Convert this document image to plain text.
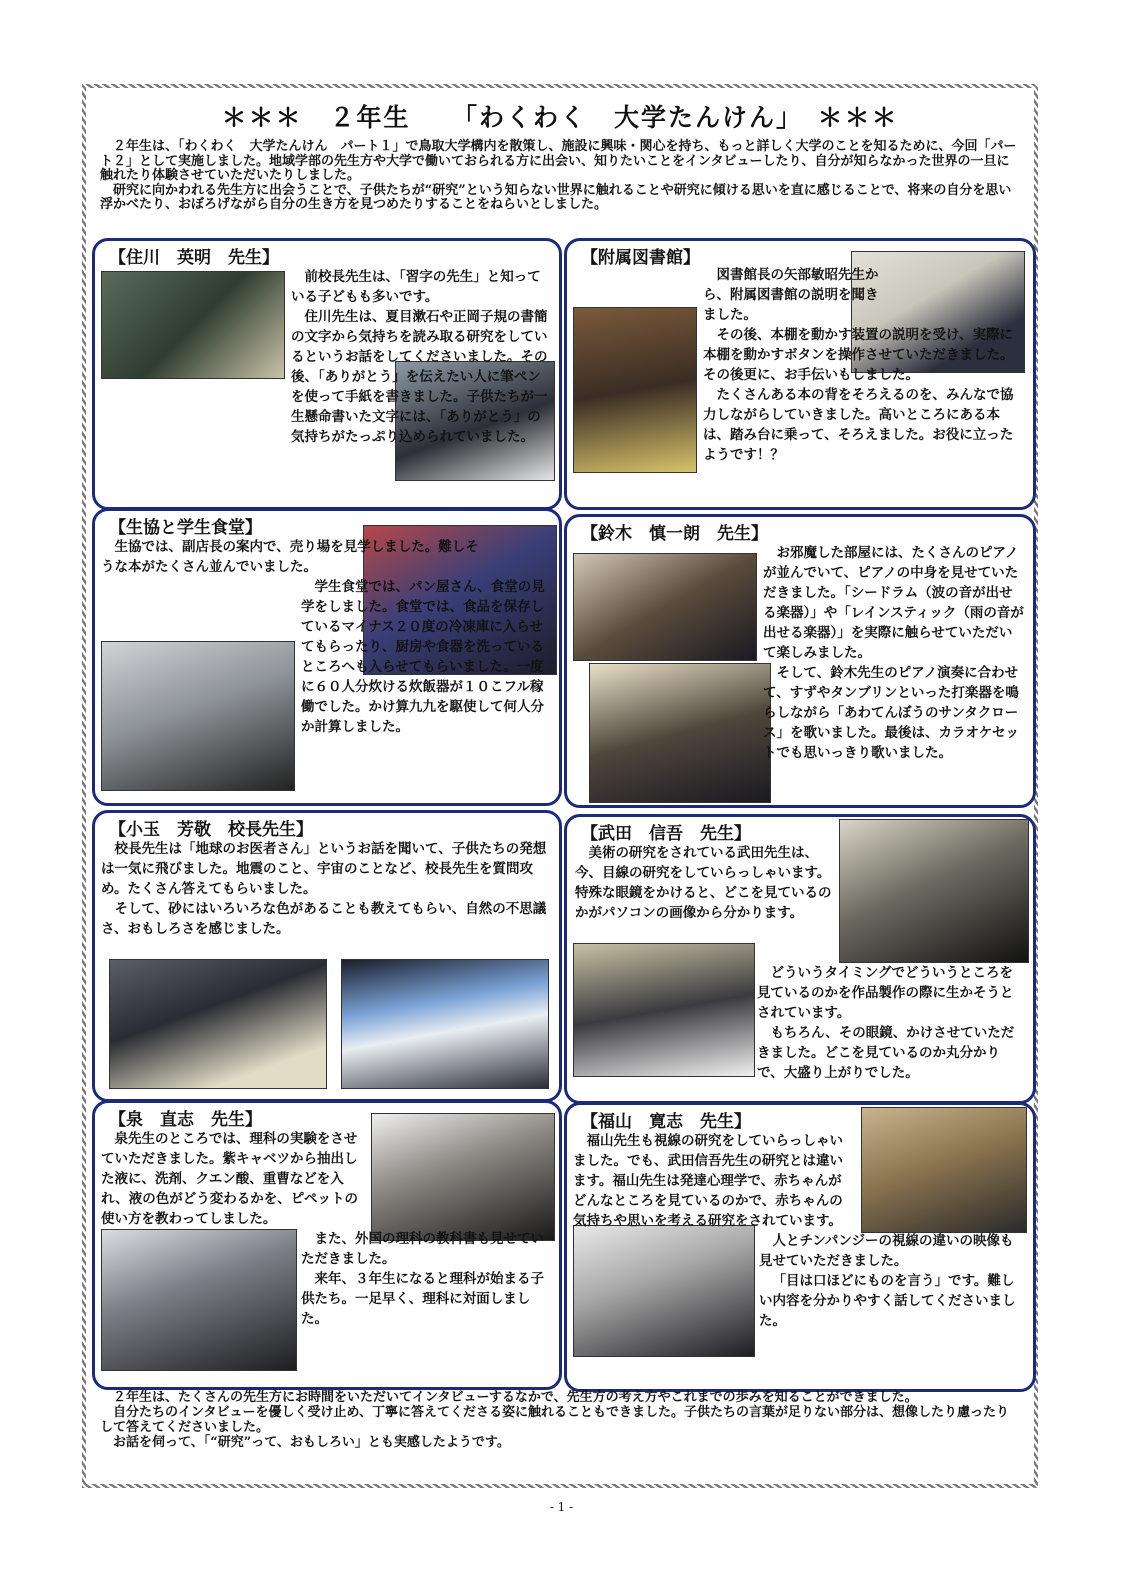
＊＊＊　２年生　　「わくわく　大学たんけん」　＊＊＊

２年生は、「わくわく　大学たんけん　パート１」で鳥取大学構内を散策し、施設に興味・関心を持ち、もっと詳しく大学のことを知るために、今回「パート２」として実施しました。地域学部の先生方や大学で働いておられる方に出会い、知りたいことをインタビューしたり、自分が知らなかった世界の一旦に触れたり体験させていただいたりしました。

研究に向かわれる先生方に出会うことで、子供たちが“研究”という知らない世界に触れることや研究に傾ける思いを直に感じることで、将来の自分を思い浮かべたり、おぼろげながら自分の生き方を見つめたりすることをねらいとしました。

【住川　英明　先生】

前校長先生は、「習字の先生」と知っている子どもも多いです。

住川先生は、夏目漱石や正岡子規の書簡の文字から気持ちを読み取る研究をしているというお話をしてくださいました。その後、「ありがとう」を伝えたい人に筆ペンを使って手紙を書きました。子供たちが一生懸命書いた文字には、「ありがとう」の気持ちがたっぷり込められていました。

【附属図書館】

図書館長の矢部敏昭先生から、附属図書館の説明を聞きました。

その後、本棚を動かす装置の説明を受け、実際に本棚を動かすボタンを操作させていただきました。その後更に、お手伝いもしました。

たくさんある本の背をそろえるのを、みんなで協力しながらしていきました。高いところにある本は、踏み台に乗って、そろえました。お役に立ったようです！？

【生協と学生食堂】

生協では、副店長の案内で、売り場を見学しました。難しそうな本がたくさん並んでいました。

学生食堂では、パン屋さん、食堂の見学をしました。食堂では、食品を保存しているマイナス２０度の冷凍庫に入らせてもらったり、厨房や食器を洗っているところへも入らせてもらいました。一度に６０人分炊ける炊飯器が１０こフル稼働でした。かけ算九九を駆使して何人分か計算しました。

【鈴木　慎一朗　先生】

お邪魔した部屋には、たくさんのピアノが並んでいて、ピアノの中身を見せていただきました。「シードラム（波の音が出せる楽器）」や「レインスティック（雨の音が出せる楽器）」を実際に触らせていただいて楽しみました。

そして、鈴木先生のピアノ演奏に合わせて、すずやタンブリンといった打楽器を鳴らしながら「あわてんぼうのサンタクロース」を歌いました。最後は、カラオケセットでも思いっきり歌いました。

【小玉　芳敬　校長先生】

校長先生は「地球のお医者さん」というお話を聞いて、子供たちの発想は一気に飛びました。地震のこと、宇宙のことなど、校長先生を質問攻め。たくさん答えてもらいました。

そして、砂にはいろいろな色があることも教えてもらい、自然の不思議さ、おもしろさを感じました。

【武田　信吾　先生】

美術の研究をされている武田先生は、今、目線の研究をしていらっしゃいます。特殊な眼鏡をかけると、どこを見ているのかがパソコンの画像から分かります。

どういうタイミングでどういうところを見ているのかを作品製作の際に生かそうとされています。

もちろん、その眼鏡、かけさせていただきました。どこを見ているのか丸分かりで、大盛り上がりでした。

【泉　直志　先生】

泉先生のところでは、理科の実験をさせていただきました。紫キャベツから抽出した液に、洗剤、クエン酸、重曹などを入れ、液の色がどう変わるかを、ピペットの使い方を教わってしました。

また、外国の理科の教科書も見せていただきました。

来年、３年生になると理科が始まる子供たち。一足早く、理科に対面しました。

【福山　寛志　先生】

福山先生も視線の研究をしていらっしゃいました。でも、武田信吾先生の研究とは違います。福山先生は発達心理学で、赤ちゃんがどんなところを見ているのかで、赤ちゃんの気持ちや思いを考える研究をされています。

人とチンパンジーの視線の違いの映像も見せていただきました。

「目は口ほどにものを言う」です。難しい内容を分かりやすく話してくださいました。

２年生は、たくさんの先生方にお時間をいただいてインタビューするなかで、先生方の考え方やこれまでの歩みを知ることができました。

自分たちのインタビューを優しく受け止め、丁寧に答えてくださる姿に触れることもできました。子供たちの言葉が足りない部分は、想像したり慮ったりして答えてくださいました。

お話を伺って、「“研究”って、おもしろい」とも実感したようです。

- 1 -
